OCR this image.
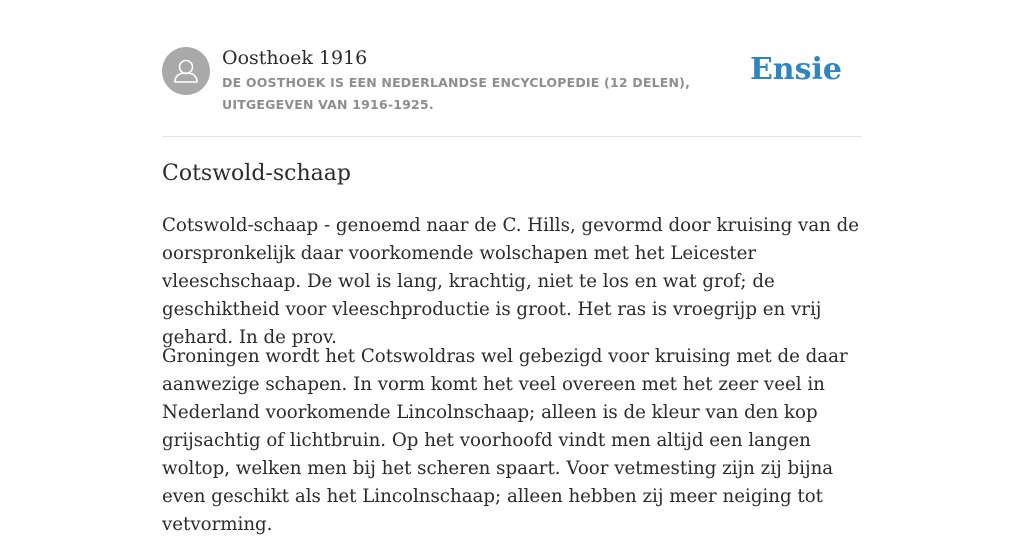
Oosthoek 1916
DE OOSTHOEK IS EEN NEDERLANDSE ENCYCLOPEDIE (12 DELEN), UITGEGEVEN VAN 1916-1925.
Ensie
Cotswold-schaap

Cotswold-schaap - genoemd naar de C. Hills, gevormd door kruising van de oorspronkelijk daar voorkomende wolschapen met het Leicester vleeschschaap. De wol is lang, krachtig, niet te los en wat grof; de geschiktheid voor vleeschproductie is groot. Het ras is vroegrijp en vrij gehard. In de prov.

Groningen wordt het Cotswoldras wel gebezigd voor kruising met de daar aanwezige schapen. In vorm komt het veel overeen met het zeer veel in Nederland voorkomende Lincolnschaap; alleen is de kleur van den kop grijsachtig of lichtbruin. Op het voorhoofd vindt men altijd een langen woltop, welken men bij het scheren spaart. Voor vetmesting zijn zij bijna even geschikt als het Lincolnschaap; alleen hebben zij meer neiging tot vetvorming.
